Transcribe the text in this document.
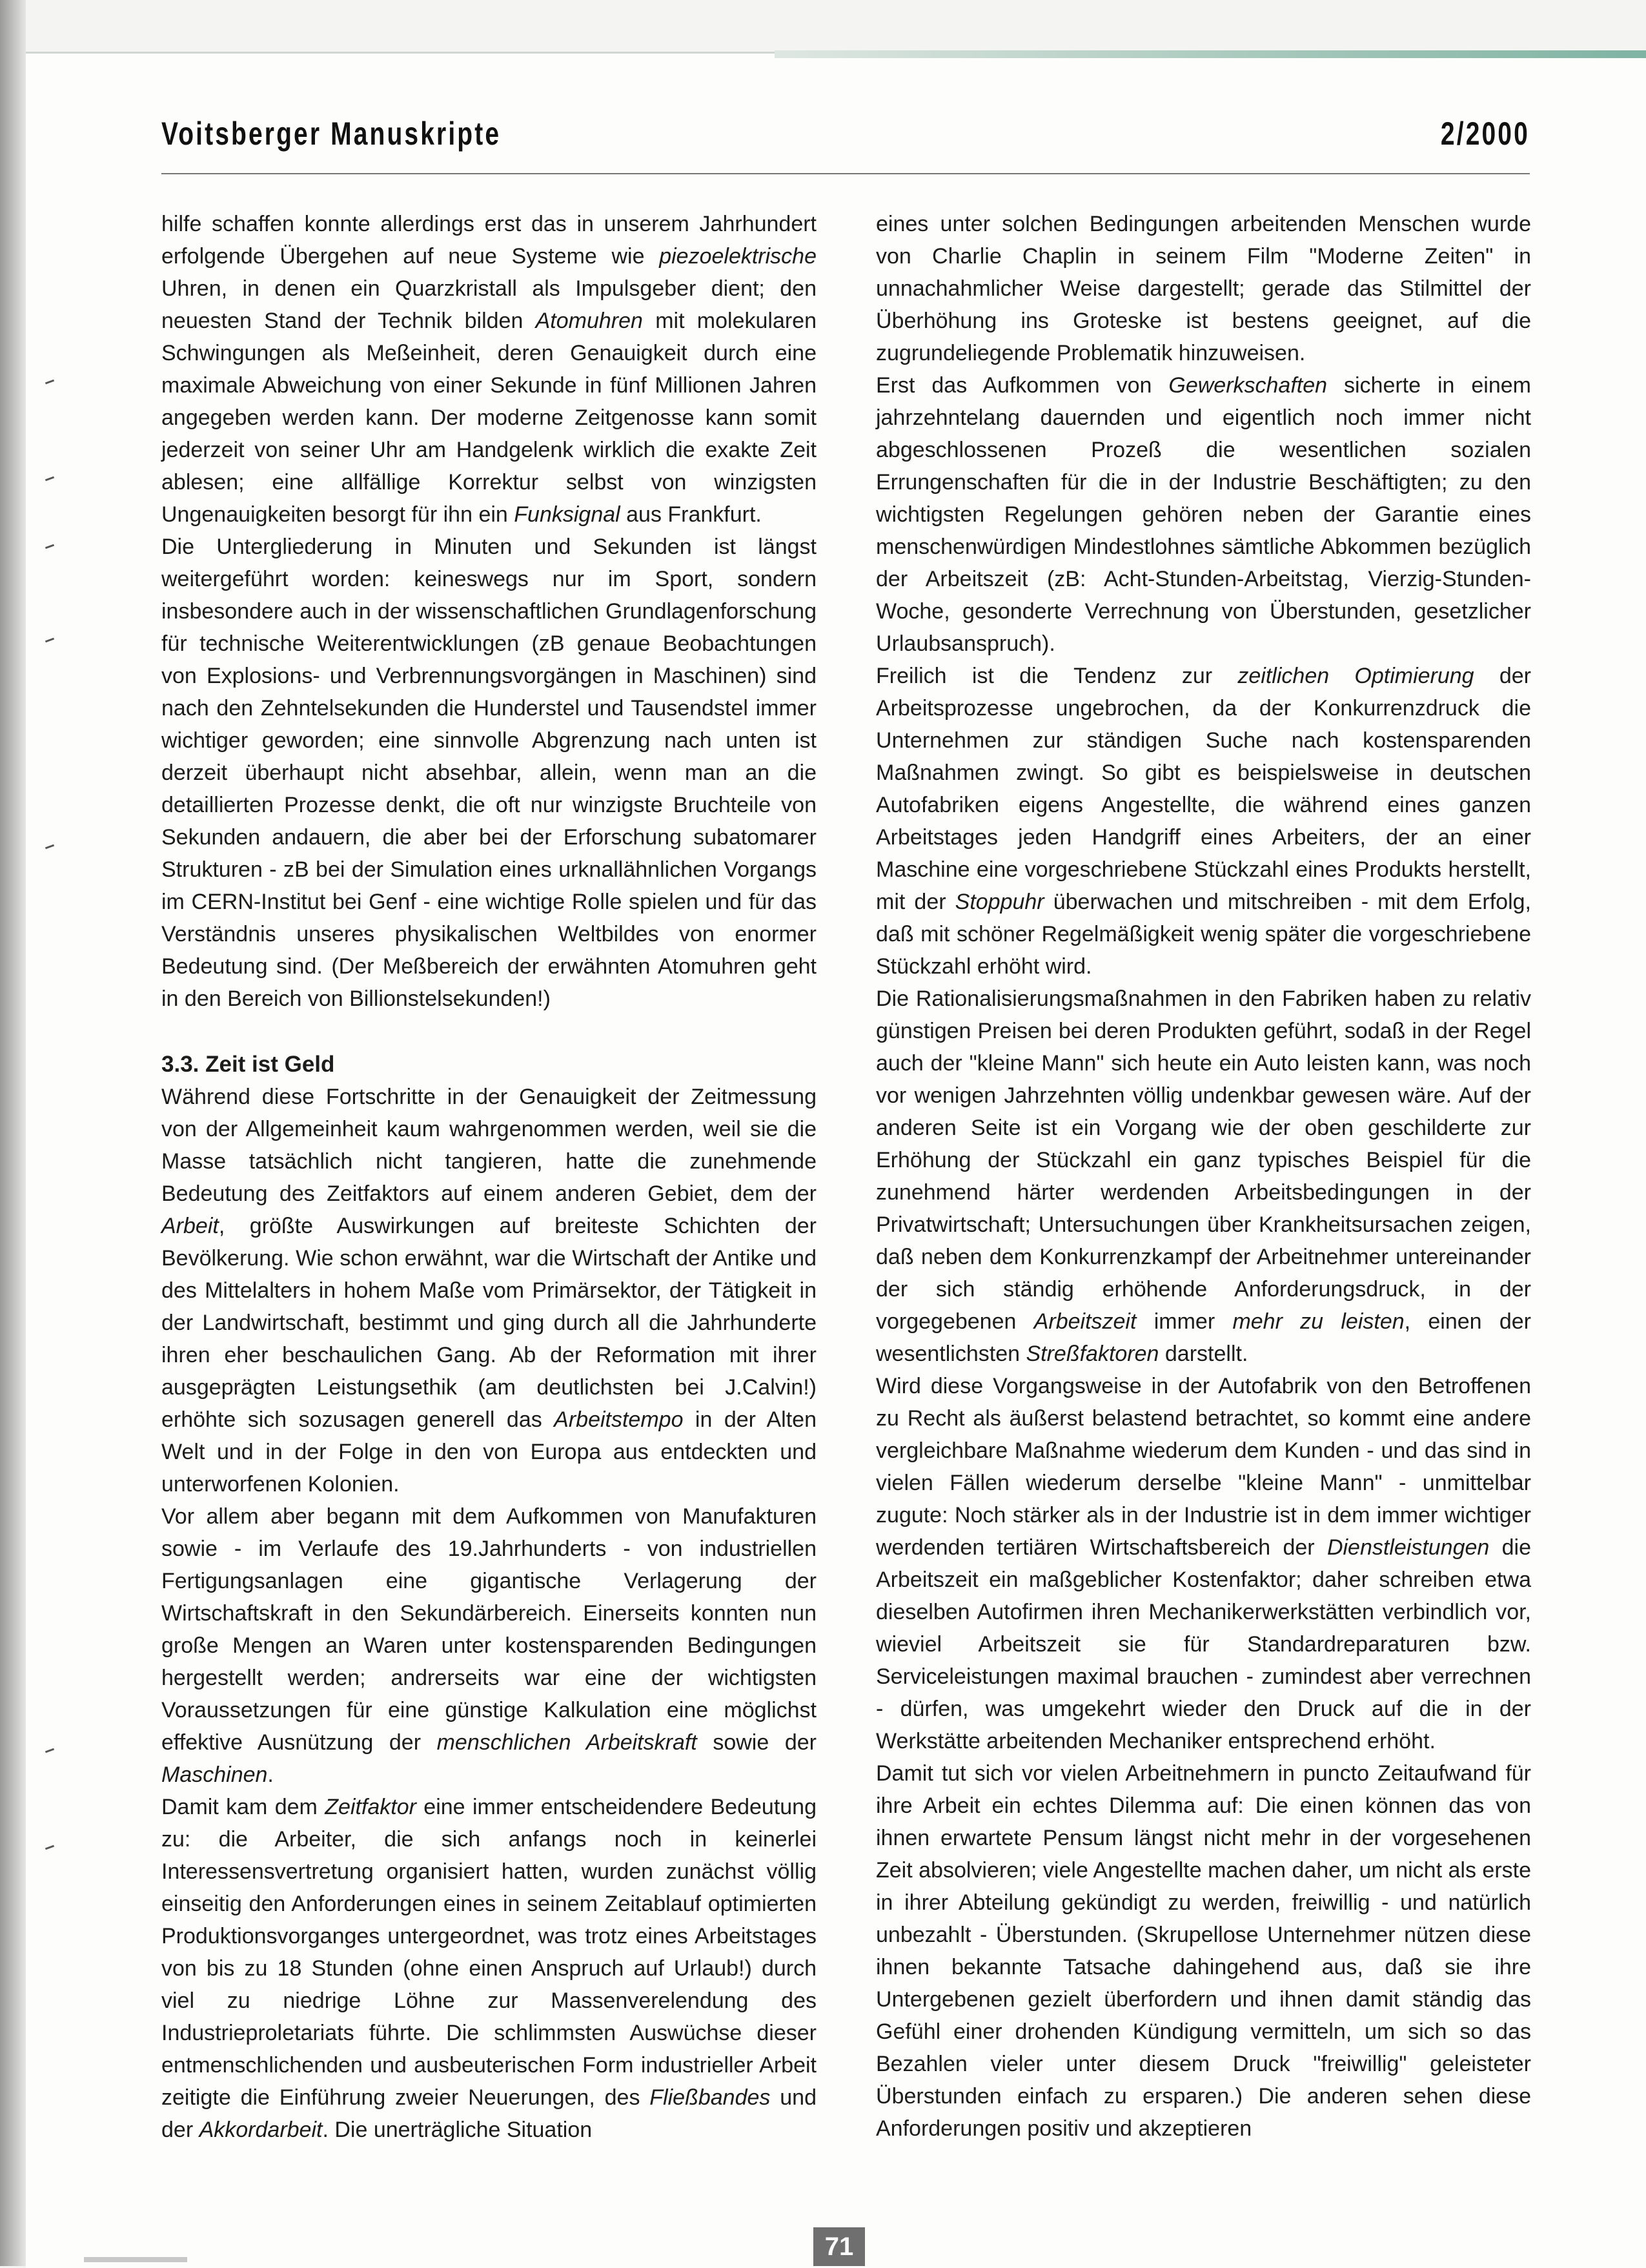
Voitsberger Manuskripte	2/2000

hilfe schaffen konnte allerdings erst das in unserem Jahrhundert erfolgende Übergehen auf neue Systeme wie piezoelektrische Uhren, in denen ein Quarzkristall als Impulsgeber dient; den neuesten Stand der Technik bilden Atomuhren mit molekularen Schwingungen als Meßeinheit, deren Genauigkeit durch eine maximale Abweichung von einer Sekunde in fünf Millionen Jahren angegeben werden kann. Der moderne Zeitgenosse kann somit jederzeit von seiner Uhr am Handgelenk wirklich die exakte Zeit ablesen; eine allfällige Korrektur selbst von winzigsten Ungenauigkeiten besorgt für ihn ein Funksignal aus Frankfurt.

Die Untergliederung in Minuten und Sekunden ist längst weitergeführt worden: keineswegs nur im Sport, sondern insbesondere auch in der wissenschaftlichen Grundlagenforschung für technische Weiterentwicklungen (zB genaue Beobachtungen von Explosions- und Verbrennungsvorgängen in Maschinen) sind nach den Zehntelsekunden die Hunderstel und Tausendstel immer wichtiger geworden; eine sinnvolle Abgrenzung nach unten ist derzeit überhaupt nicht absehbar, allein, wenn man an die detaillierten Prozesse denkt, die oft nur winzigste Bruchteile von Sekunden andauern, die aber bei der Erforschung subatomarer Strukturen - zB bei der Simulation eines urknallähnlichen Vorgangs im CERN-Institut bei Genf - eine wichtige Rolle spielen und für das Verständnis unseres physikalischen Weltbildes von enormer Bedeutung sind. (Der Meßbereich der erwähnten Atomuhren geht in den Bereich von Billionstelsekunden!)

3.3. Zeit ist Geld

Während diese Fortschritte in der Genauigkeit der Zeitmessung von der Allgemeinheit kaum wahrgenommen werden, weil sie die Masse tatsächlich nicht tangieren, hatte die zunehmende Bedeutung des Zeitfaktors auf einem anderen Gebiet, dem der Arbeit, größte Auswirkungen auf breiteste Schichten der Bevölkerung. Wie schon erwähnt, war die Wirtschaft der Antike und des Mittelalters in hohem Maße vom Primärsektor, der Tätigkeit in der Landwirtschaft, bestimmt und ging durch all die Jahrhunderte ihren eher beschaulichen Gang. Ab der Reformation mit ihrer ausgeprägten Leistungsethik (am deutlichsten bei J.Calvin!) erhöhte sich sozusagen generell das Arbeitstempo in der Alten Welt und in der Folge in den von Europa aus entdeckten und unterworfenen Kolonien.

Vor allem aber begann mit dem Aufkommen von Manufakturen sowie - im Verlaufe des 19.Jahrhunderts - von industriellen Fertigungsanlagen eine gigantische Verlagerung der Wirtschaftskraft in den Sekundärbereich. Einerseits konnten nun große Mengen an Waren unter kostensparenden Bedingungen hergestellt werden; andrerseits war eine der wichtigsten Voraussetzungen für eine günstige Kalkulation eine möglichst effektive Ausnützung der menschlichen Arbeitskraft sowie der Maschinen.

Damit kam dem Zeitfaktor eine immer entscheidendere Bedeutung zu: die Arbeiter, die sich anfangs noch in keinerlei Interessensvertretung organisiert hatten, wurden zunächst völlig einseitig den Anforderungen eines in seinem Zeitablauf optimierten Produktionsvorganges untergeordnet, was trotz eines Arbeitstages von bis zu 18 Stunden (ohne einen Anspruch auf Urlaub!) durch viel zu niedrige Löhne zur Massenverelendung des Industrieproletariats führte. Die schlimmsten Auswüchse dieser entmenschlichenden und ausbeuterischen Form industrieller Arbeit zeitigte die Einführung zweier Neuerungen, des Fließbandes und der Akkordarbeit. Die unerträgliche Situation

eines unter solchen Bedingungen arbeitenden Menschen wurde von Charlie Chaplin in seinem Film "Moderne Zeiten" in unnachahmlicher Weise dargestellt; gerade das Stilmittel der Überhöhung ins Groteske ist bestens geeignet, auf die zugrundeliegende Problematik hinzuweisen.

Erst das Aufkommen von Gewerkschaften sicherte in einem jahrzehntelang dauernden und eigentlich noch immer nicht abgeschlossenen Prozeß die wesentlichen sozialen Errungenschaften für die in der Industrie Beschäftigten; zu den wichtigsten Regelungen gehören neben der Garantie eines menschenwürdigen Mindestlohnes sämtliche Abkommen bezüglich der Arbeitszeit (zB: Acht-Stunden-Arbeitstag, Vierzig-Stunden-Woche, gesonderte Verrechnung von Überstunden, gesetzlicher Urlaubsanspruch).

Freilich ist die Tendenz zur zeitlichen Optimierung der Arbeitsprozesse ungebrochen, da der Konkurrenzdruck die Unternehmen zur ständigen Suche nach kostensparenden Maßnahmen zwingt. So gibt es beispielsweise in deutschen Autofabriken eigens Angestellte, die während eines ganzen Arbeitstages jeden Handgriff eines Arbeiters, der an einer Maschine eine vorgeschriebene Stückzahl eines Produkts herstellt, mit der Stoppuhr überwachen und mitschreiben - mit dem Erfolg, daß mit schöner Regelmäßigkeit wenig später die vorgeschriebene Stückzahl erhöht wird.

Die Rationalisierungsmaßnahmen in den Fabriken haben zu relativ günstigen Preisen bei deren Produkten geführt, sodaß in der Regel auch der "kleine Mann" sich heute ein Auto leisten kann, was noch vor wenigen Jahrzehnten völlig undenkbar gewesen wäre. Auf der anderen Seite ist ein Vorgang wie der oben geschilderte zur Erhöhung der Stückzahl ein ganz typisches Beispiel für die zunehmend härter werdenden Arbeitsbedingungen in der Privatwirtschaft; Untersuchungen über Krankheitsursachen zeigen, daß neben dem Konkurrenzkampf der Arbeitnehmer untereinander der sich ständig erhöhende Anforderungsdruck, in der vorgegebenen Arbeitszeit immer mehr zu leisten, einen der wesentlichsten Streßfaktoren darstellt.

Wird diese Vorgangsweise in der Autofabrik von den Betroffenen zu Recht als äußerst belastend betrachtet, so kommt eine andere vergleichbare Maßnahme wiederum dem Kunden - und das sind in vielen Fällen wiederum derselbe "kleine Mann" - unmittelbar zugute: Noch stärker als in der Industrie ist in dem immer wichtiger werdenden tertiären Wirtschaftsbereich der Dienstleistungen die Arbeitszeit ein maßgeblicher Kostenfaktor; daher schreiben etwa dieselben Autofirmen ihren Mechanikerwerkstätten verbindlich vor, wieviel Arbeitszeit sie für Standardreparaturen bzw. Serviceleistungen maximal brauchen - zumindest aber verrechnen - dürfen, was umgekehrt wieder den Druck auf die in der Werkstätte arbeitenden Mechaniker entsprechend erhöht.

Damit tut sich vor vielen Arbeitnehmern in puncto Zeitaufwand für ihre Arbeit ein echtes Dilemma auf: Die einen können das von ihnen erwartete Pensum längst nicht mehr in der vorgesehenen Zeit absolvieren; viele Angestellte machen daher, um nicht als erste in ihrer Abteilung gekündigt zu werden, freiwillig - und natürlich unbezahlt - Überstunden. (Skrupellose Unternehmer nützen diese ihnen bekannte Tatsache dahingehend aus, daß sie ihre Untergebenen gezielt überfordern und ihnen damit ständig das Gefühl einer drohenden Kündigung vermitteln, um sich so das Bezahlen vieler unter diesem Druck "freiwillig" geleisteter Überstunden einfach zu ersparen.) Die anderen sehen diese Anforderungen positiv und akzeptieren

71
